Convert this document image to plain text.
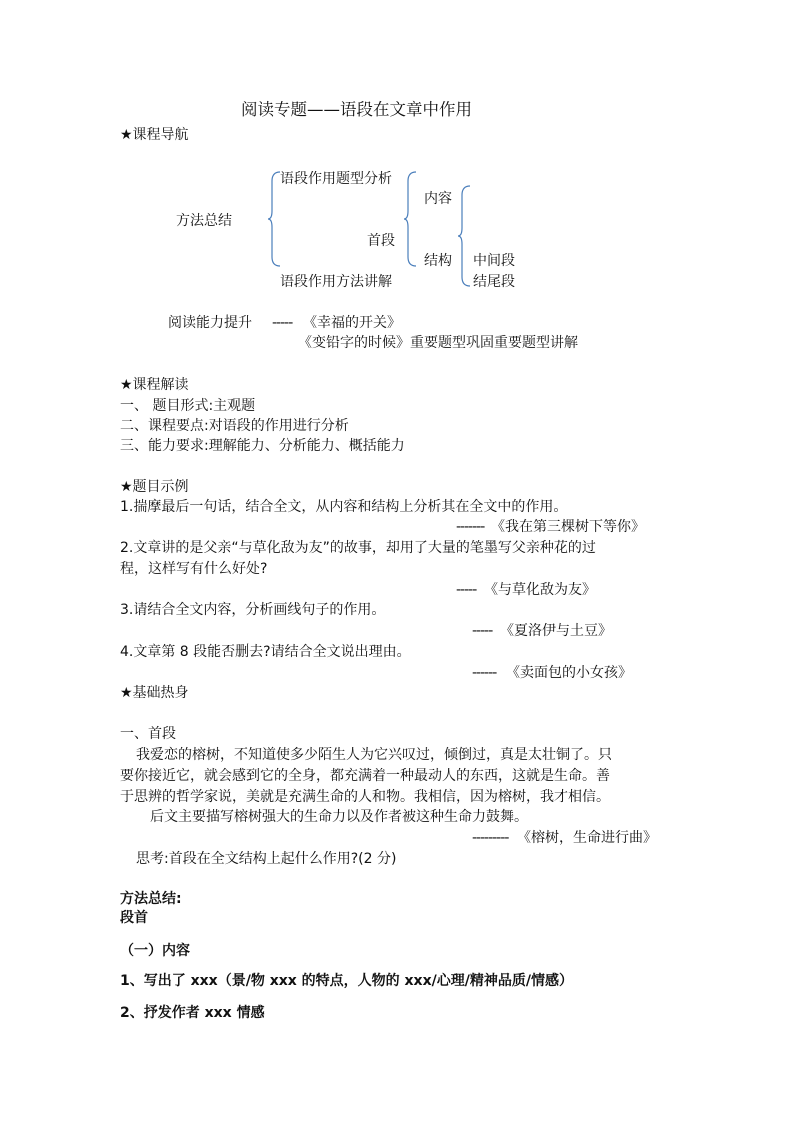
阅读专题——语段在文章中作用
★课程导航
语段作用题型分析
内容
方法总结
首段
结构 中间段
语段作用方法讲解	结尾段
阅读能力提升 ----- 《幸福的开关》
《变铅字的时候》重要题型巩固重要题型讲解
★课程解读
一、 题目形式:主观题
二、课程要点:对语段的作用进行分析
三、能力要求:理解能力、分析能力、概括能力
★题目示例
1.揣摩最后一句话，结合全文，从内容和结构上分析其在全文中的作用。
------- 《我在第三棵树下等你》
2.文章讲的是父亲“与草化敌为友”的故事，却用了大量的笔墨写父亲种花的过
程，这样写有什么好处?
----- 《与草化敌为友》
3.请结合全文内容，分析画线句子的作用。
----- 《夏洛伊与土豆》
4.文章第 8 段能否删去?请结合全文说出理由。
------ 《卖面包的小女孩》
★基础热身
一、首段
我爱恋的榕树，不知道使多少陌生人为它兴叹过，倾倒过，真是太壮铜了。只
要你接近它，就会感到它的全身，都充满着一种最动人的东西，这就是生命。善
于思辨的哲学家说，美就是充满生命的人和物。我相信，因为榕树，我才相信。
后文主要描写榕树强大的生命力以及作者被这种生命力鼓舞。
--------- 《榕树，生命进行曲》
思考:首段在全文结构上起什么作用?(2 分)
方法总结:
段首
（一）内容
1、写出了 xxx（景/物 xxx 的特点，人物的 xxx/心理/精神品质/情感）
2、抒发作者 xxx 情感
